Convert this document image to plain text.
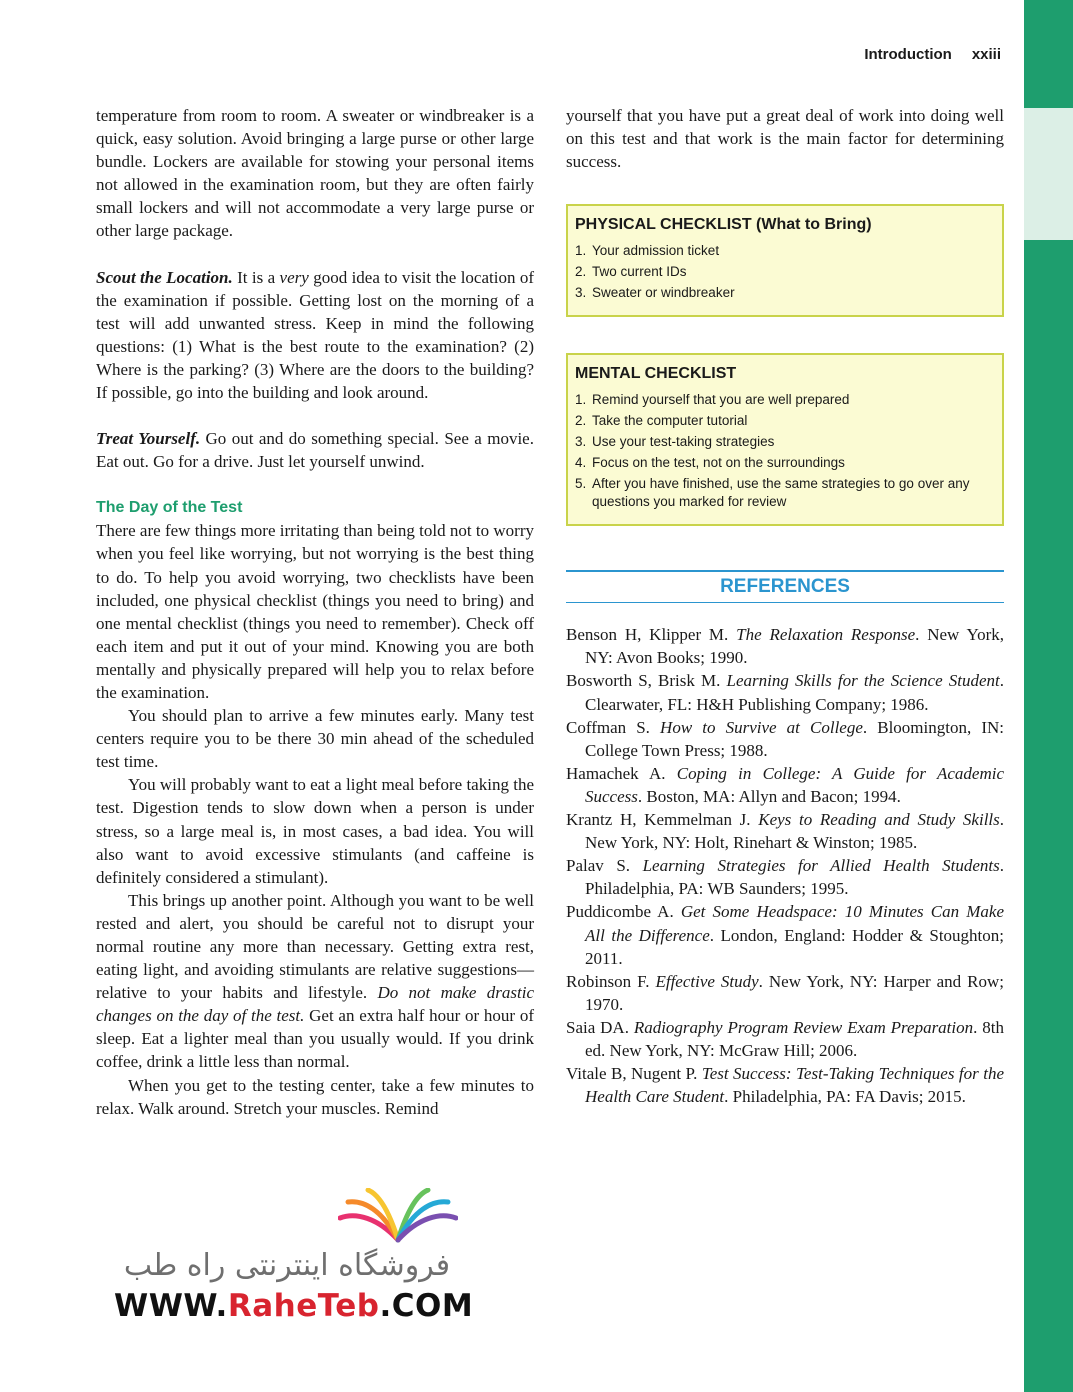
Introduction xxiii

temperature from room to room. A sweater or windbreaker is a quick, easy solution. Avoid bringing a large purse or other large bundle. Lockers are available for stowing your personal items not allowed in the examination room, but they are often fairly small lockers and will not accommodate a very large purse or other large package.

Scout the Location. It is a very good idea to visit the location of the examination if possible. Getting lost on the morning of a test will add unwanted stress. Keep in mind the following questions: (1) What is the best route to the examination? (2) Where is the parking? (3) Where are the doors to the building? If possible, go into the building and look around.

Treat Yourself. Go out and do something special. See a movie. Eat out. Go for a drive. Just let yourself unwind.

The Day of the Test

There are few things more irritating than being told not to worry when you feel like worrying, but not worrying is the best thing to do. To help you avoid worrying, two checklists have been included, one physical checklist (things you need to bring) and one mental checklist (things you need to remember). Check off each item and put it out of your mind. Knowing you are both mentally and physically prepared will help you to relax before the examination.

You should plan to arrive a few minutes early. Many test centers require you to be there 30 min ahead of the scheduled test time.

You will probably want to eat a light meal before taking the test. Digestion tends to slow down when a person is under stress, so a large meal is, in most cases, a bad idea. You will also want to avoid excessive stimulants (and caffeine is definitely considered a stimulant).

This brings up another point. Although you want to be well rested and alert, you should be careful not to disrupt your normal routine any more than necessary. Getting extra rest, eating light, and avoiding stimulants are relative suggestions—relative to your habits and lifestyle. Do not make drastic changes on the day of the test. Get an extra half hour or hour of sleep. Eat a lighter meal than you usually would. If you drink coffee, drink a little less than normal.

When you get to the testing center, take a few minutes to relax. Walk around. Stretch your muscles. Remind

yourself that you have put a great deal of work into doing well on this test and that work is the main factor for determining success.

PHYSICAL CHECKLIST (What to Bring)
1. Your admission ticket
2. Two current IDs
3. Sweater or windbreaker
MENTAL CHECKLIST
1. Remind yourself that you are well prepared
2. Take the computer tutorial
3. Use your test-taking strategies
4. Focus on the test, not on the surroundings
5. After you have finished, use the same strategies to go over any questions you marked for review
REFERENCES
Benson H, Klipper M. The Relaxation Response. New York, NY: Avon Books; 1990.
Bosworth S, Brisk M. Learning Skills for the Science Student. Clearwater, FL: H&H Publishing Company; 1986.
Coffman S. How to Survive at College. Bloomington, IN: College Town Press; 1988.
Hamachek A. Coping in College: A Guide for Academic Success. Boston, MA: Allyn and Bacon; 1994.
Krantz H, Kemmelman J. Keys to Reading and Study Skills. New York, NY: Holt, Rinehart & Winston; 1985.
Palav S. Learning Strategies for Allied Health Students. Philadelphia, PA: WB Saunders; 1995.
Puddicombe A. Get Some Headspace: 10 Minutes Can Make All the Difference. London, England: Hodder & Stoughton; 2011.
Robinson F. Effective Study. New York, NY: Harper and Row; 1970.
Saia DA. Radiography Program Review Exam Preparation. 8th ed. New York, NY: McGraw Hill; 2006.
Vitale B, Nugent P. Test Success: Test-Taking Techniques for the Health Care Student. Philadelphia, PA: FA Davis; 2015.
فروشگاه اینترنتی راه طب
WWW.RaheTeb.COM
